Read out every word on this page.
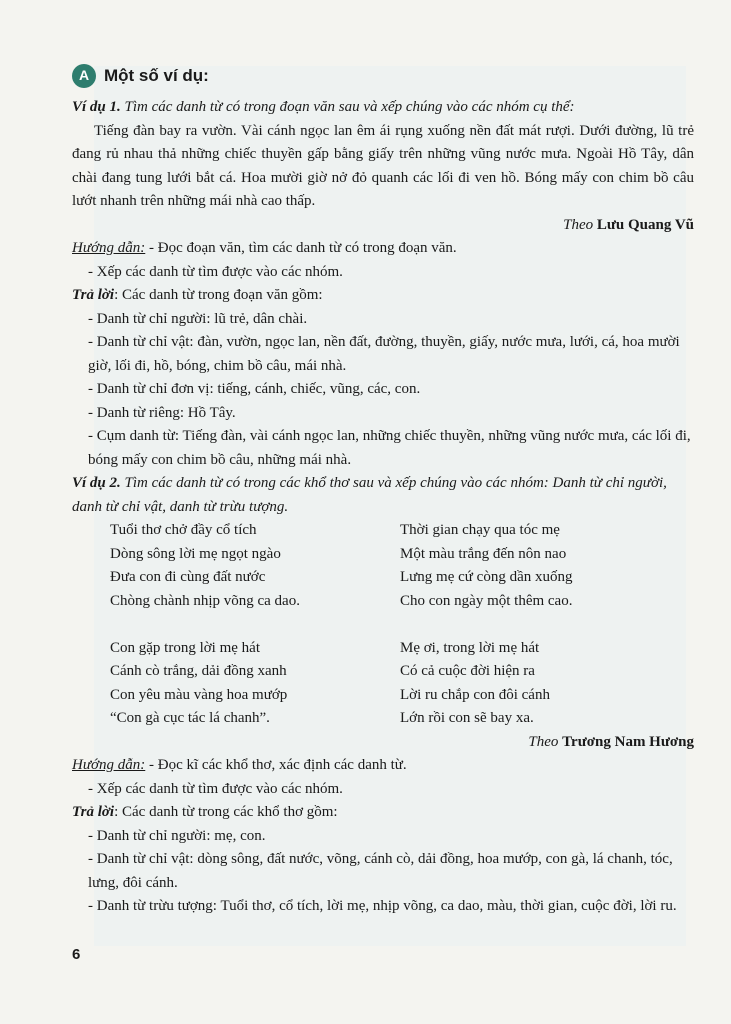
A Một số ví dụ:
Ví dụ 1. Tìm các danh từ có trong đoạn văn sau và xếp chúng vào các nhóm cụ thể:
Tiếng đàn bay ra vườn. Vài cánh ngọc lan êm ái rụng xuống nền đất mát rượi. Dưới đường, lũ trẻ đang rủ nhau thả những chiếc thuyền gấp bằng giấy trên những vũng nước mưa. Ngoài Hồ Tây, dân chài đang tung lưới bắt cá. Hoa mười giờ nở đỏ quanh các lối đi ven hồ. Bóng mấy con chim bồ câu lướt nhanh trên những mái nhà cao thấp.
Theo Lưu Quang Vũ
Hướng dẫn: - Đọc đoạn văn, tìm các danh từ có trong đoạn văn.
- Xếp các danh từ tìm được vào các nhóm.
Trả lời: Các danh từ trong đoạn văn gồm:
- Danh từ chỉ người: lũ trẻ, dân chài.
- Danh từ chỉ vật: đàn, vườn, ngọc lan, nền đất, đường, thuyền, giấy, nước mưa, lưới, cá, hoa mười giờ, lối đi, hồ, bóng, chim bồ câu, mái nhà.
- Danh từ chỉ đơn vị: tiếng, cánh, chiếc, vũng, các, con.
- Danh từ riêng: Hồ Tây.
- Cụm danh từ: Tiếng đàn, vài cánh ngọc lan, những chiếc thuyền, những vũng nước mưa, các lối đi, bóng mấy con chim bồ câu, những mái nhà.
Ví dụ 2. Tìm các danh từ có trong các khổ thơ sau và xếp chúng vào các nhóm: Danh từ chỉ người, danh từ chỉ vật, danh từ trừu tượng.
Tuổi thơ chở đầy cổ tích	Thời gian chạy qua tóc mẹ
Dòng sông lời mẹ ngọt ngào	Một màu trắng đến nôn nao
Đưa con đi cùng đất nước	Lưng mẹ cứ còng dần xuống
Chòng chành nhịp võng ca dao.	Cho con ngày một thêm cao.
Con gặp trong lời mẹ hát	Mẹ ơi, trong lời mẹ hát
Cánh cò trắng, dải đồng xanh	Có cả cuộc đời hiện ra
Con yêu màu vàng hoa mướp	Lời ru chắp con đôi cánh
“Con gà cục tác lá chanh”.	Lớn rồi con sẽ bay xa.
Theo Trương Nam Hương
Hướng dẫn: - Đọc kĩ các khổ thơ, xác định các danh từ.
- Xếp các danh từ tìm được vào các nhóm.
Trả lời: Các danh từ trong các khổ thơ gồm:
- Danh từ chỉ người: mẹ, con.
- Danh từ chỉ vật: dòng sông, đất nước, võng, cánh cò, dải đồng, hoa mướp, con gà, lá chanh, tóc, lưng, đôi cánh.
- Danh từ trừu tượng: Tuổi thơ, cổ tích, lời mẹ, nhịp võng, ca dao, màu, thời gian, cuộc đời, lời ru.
6
